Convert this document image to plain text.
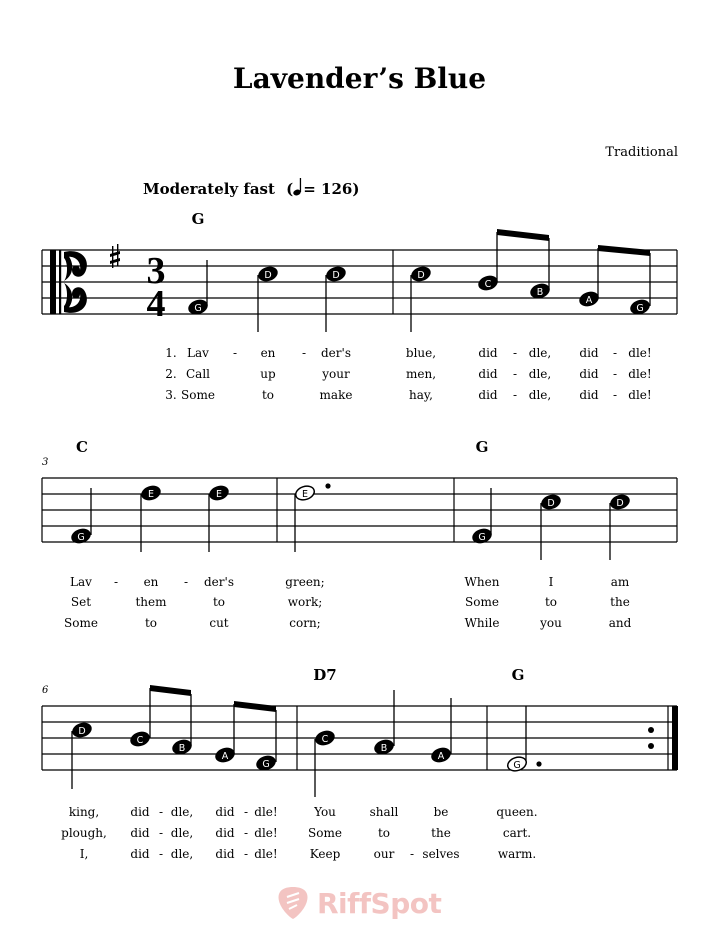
Lavender’s Blue
Traditional
Moderately fast ( = 126)
3
4
G
G
D	D	D
C
B
A
G
1. Lav - en - der's	blue,	did - dle, did - dle!
2. Call	up	your	men,	did - dle, did - dle!
3. Some	to	make	hay,	did - dle, did - dle!
3
C	G
G
E	E	E
G
D	D
Lav - en - der's	green;	When	I	am
Set	them	to	work;	Some	to	the
Some	to	cut	corn;	While	you	and
6
D7	G
D
C
B
A
G
C
B
A
G
king,	did - dle, did - dle!	You	shall	be	queen.
plough, did - dle, did - dle!	Some	to	the	cart.
I,	did - dle, did - dle!	Keep	our - selves	warm.
RiffSpot
